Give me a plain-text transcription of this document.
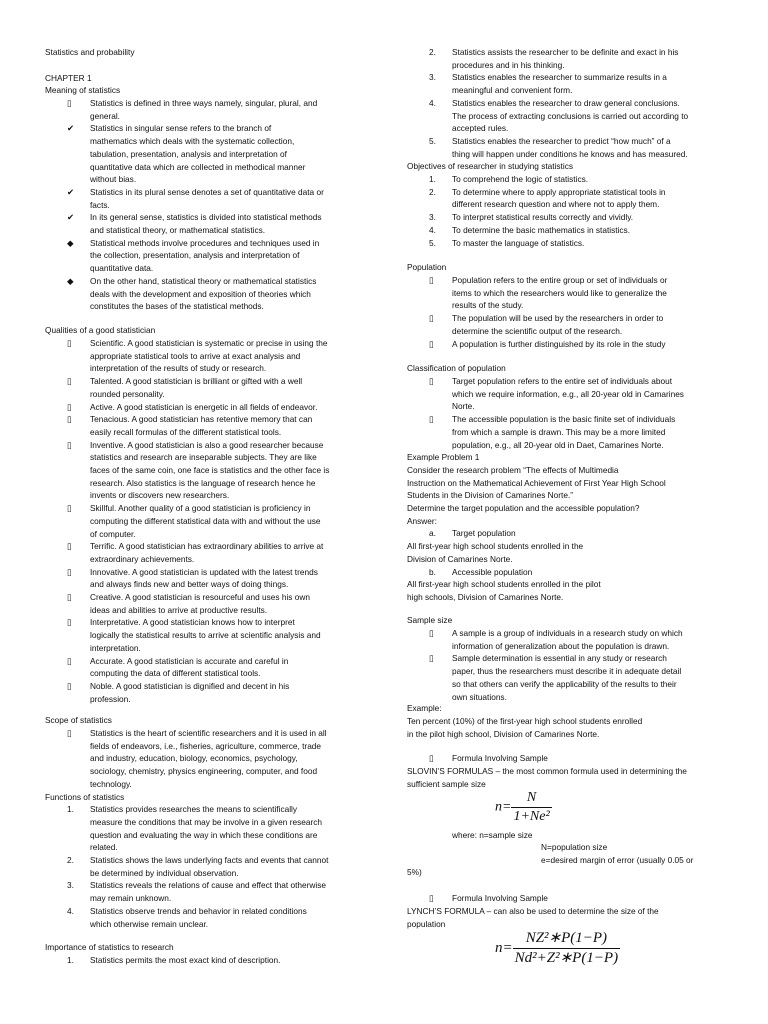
Statistics and probability
CHAPTER 1
Meaning of statistics
▯ Statistics is defined in three ways namely, singular, plural, and
general.
✔ Statistics in singular sense refers to the branch of
mathematics which deals with the systematic collection,
tabulation, presentation, analysis and interpretation of
quantitative data which are collected in methodical manner
without bias.
✔ Statistics in its plural sense denotes a set of quantitative data or
facts.
✔ In its general sense, statistics is divided into statistical methods
and statistical theory, or mathematical statistics.
◆ Statistical methods involve procedures and techniques used in
the collection, presentation, analysis and interpretation of
quantitative data.
◆ On the other hand, statistical theory or mathematical statistics
deals with the development and exposition of theories which
constitutes the bases of the statistical methods.
Qualities of a good statistician
▯ Scientific. A good statistician is systematic or precise in using the
appropriate statistical tools to arrive at exact analysis and
interpretation of the results of study or research.
▯ Talented. A good statistician is brilliant or gifted with a well
rounded personality.
▯ Active. A good statistician is energetic in all fields of endeavor.
▯ Tenacious. A good statistician has retentive memory that can
easily recall formulas of the different statistical tools.
▯ Inventive. A good statistician is also a good researcher because
statistics and research are inseparable subjects. They are like
faces of the same coin, one face is statistics and the other face is
research. Also statistics is the language of research hence he
invents or discovers new researchers.
▯ Skillful. Another quality of a good statistician is proficiency in
computing the different statistical data with and without the use
of computer.
▯ Terrific. A good statistician has extraordinary abilities to arrive at
extraordinary achievements.
▯ Innovative. A good statistician is updated with the latest trends
and always finds new and better ways of doing things.
▯ Creative. A good statistician is resourceful and uses his own
ideas and abilities to arrive at productive results.
▯ Interpretative. A good statistician knows how to interpret
logically the statistical results to arrive at scientific analysis and
interpretation.
▯ Accurate. A good statistician is accurate and careful in
computing the data of different statistical tools.
▯ Noble. A good statistician is dignified and decent in his
profession.
Scope of statistics
▯ Statistics is the heart of scientific researchers and it is used in all
fields of endeavors, i.e., fisheries, agriculture, commerce, trade
and industry, education, biology, economics, psychology,
sociology, chemistry, physics engineering, computer, and food
technology.
Functions of statistics
1. Statistics provides researches the means to scientifically
measure the conditions that may be involve in a given research
question and evaluating the way in which these conditions are
related.
2. Statistics shows the laws underlying facts and events that cannot
be determined by individual observation.
3. Statistics reveals the relations of cause and effect that otherwise
may remain unknown.
4. Statistics observe trends and behavior in related conditions
which otherwise remain unclear.
Importance of statistics to research
1. Statistics permits the most exact kind of description.
2. Statistics assists the researcher to be definite and exact in his
procedures and in his thinking.
3. Statistics enables the researcher to summarize results in a
meaningful and convenient form.
4. Statistics enables the researcher to draw general conclusions.
The process of extracting conclusions is carried out according to
accepted rules.
5. Statistics enables the researcher to predict “how much” of a
thing will happen under conditions he knows and has measured.
Objectives of researcher in studying statistics
1. To comprehend the logic of statistics.
2. To determine where to apply appropriate statistical tools in
different research question and where not to apply them.
3. To interpret statistical results correctly and vividly.
4. To determine the basic mathematics in statistics.
5. To master the language of statistics.
Population
▯ Population refers to the entire group or set of individuals or
items to which the researchers would like to generalize the
results of the study.
▯ The population will be used by the researchers in order to
determine the scientific output of the research.
▯ A population is further distinguished by its role in the study
Classification of population
▯ Target population refers to the entire set of individuals about
which we require information, e.g., all 20-year old in Camarines
Norte.
▯ The accessible population is the basic finite set of individuals
from which a sample is drawn. This may be a more limited
population, e.g., all 20-year old in Daet, Camarines Norte.
Example Problem 1
Consider the research problem “The effects of Multimedia
Instruction on the Mathematical Achievement of First Year High School
Students in the Division of Camarines Norte.”
Determine the target population and the accessible population?
Answer:
a. Target population
All first-year high school students enrolled in the
Division of Camarines Norte.
b. Accessible population
All first-year high school students enrolled in the pilot
high schools, Division of Camarines Norte.
Sample size
▯ A sample is a group of individuals in a research study on which
information of generalization about the population is drawn.
▯ Sample determination is essential in any study or research
paper, thus the researchers must describe it in adequate detail
so that others can verify the applicability of the results to their
own situations.
Example:
Ten percent (10%) of the first-year high school students enrolled
in the pilot high school, Division of Camarines Norte.
▯ Formula Involving Sample
SLOVIN’S FORMULAS – the most common formula used in determining the
sufficient sample size
$n= \frac{N}{\text{1+Ne²}}$
where: n=sample size
N=population size
e=desired margin of error (usually 0.05 or
5%)
▯ Formula Involving Sample
LYNCH’S FORMULA – can also be used to determine the size of the
population
$n= \frac{\text{NZ²∗P(1−P)}}{\text{Nd²+Z²∗P(1−P)}}$
